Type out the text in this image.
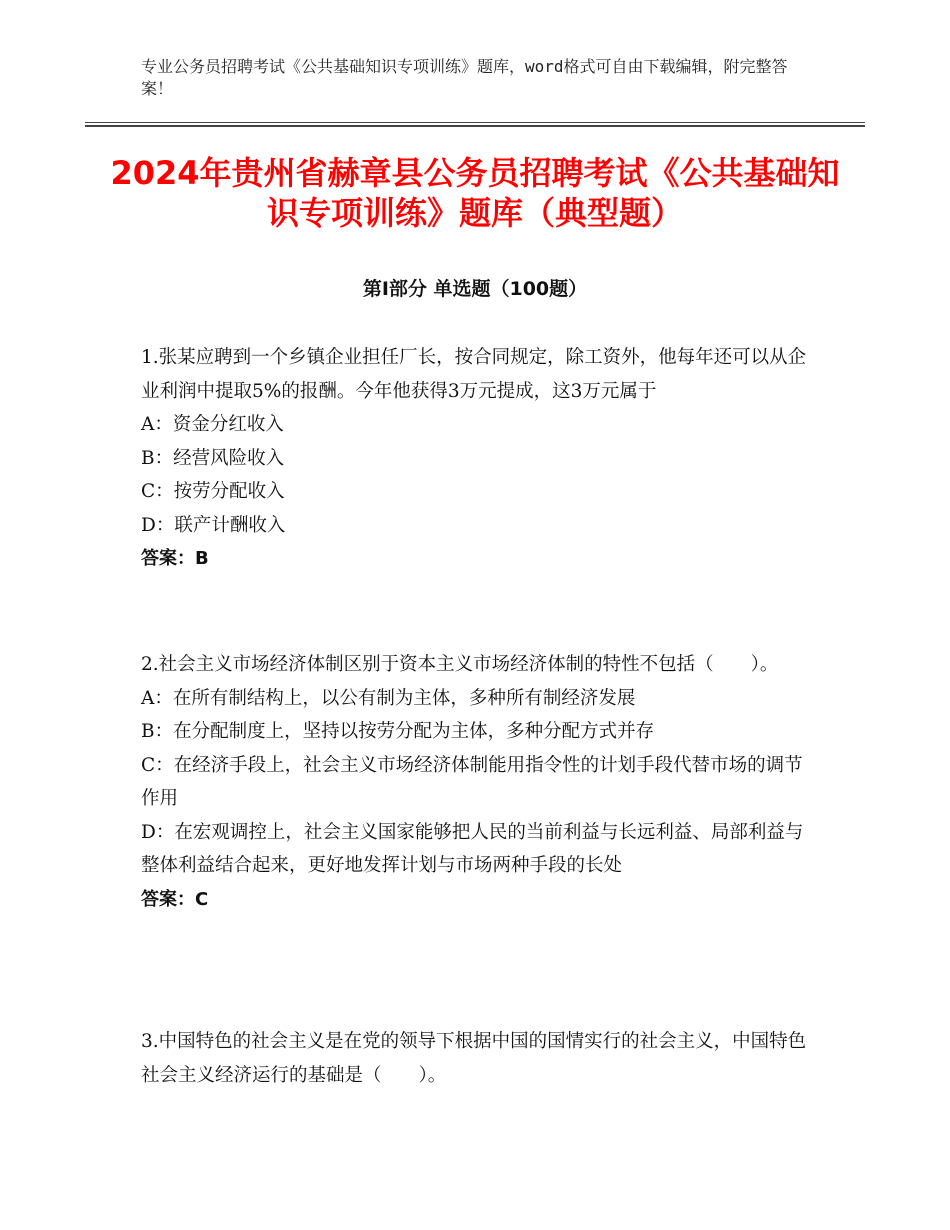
专业公务员招聘考试《公共基础知识专项训练》题库，word格式可自由下载编辑，附完整答案！
2024年贵州省赫章县公务员招聘考试《公共基础知识专项训练》题库（典型题）
第Ⅰ部分 单选题（100题）

1.张某应聘到一个乡镇企业担任厂长，按合同规定，除工资外，他每年还可以从企业利润中提取5%的报酬。今年他获得3万元提成，这3万元属于

A：资金分红收入

B：经营风险收入

C：按劳分配收入

D：联产计酬收入

答案：B

2.社会主义市场经济体制区别于资本主义市场经济体制的特性不包括（　　）。

A：在所有制结构上，以公有制为主体，多种所有制经济发展

B：在分配制度上，坚持以按劳分配为主体，多种分配方式并存

C：在经济手段上，社会主义市场经济体制能用指令性的计划手段代替市场的调节作用

D：在宏观调控上，社会主义国家能够把人民的当前利益与长远利益、局部利益与整体利益结合起来，更好地发挥计划与市场两种手段的长处

答案：C

3.中国特色的社会主义是在党的领导下根据中国的国情实行的社会主义，中国特色社会主义经济运行的基础是（　　）。
